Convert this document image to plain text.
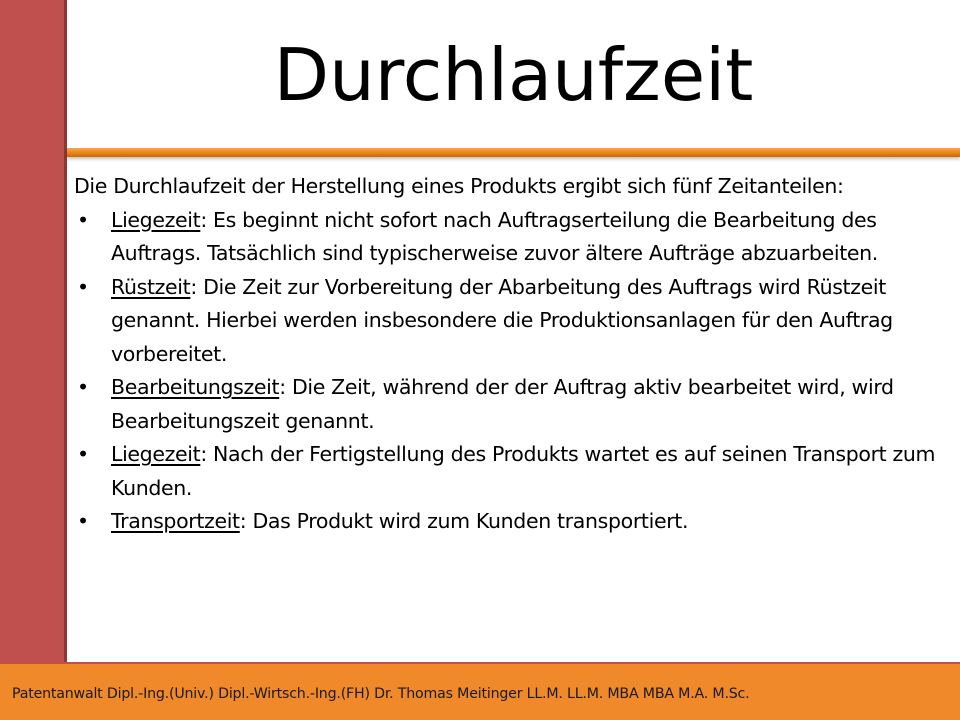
Durchlaufzeit

Die Durchlaufzeit der Herstellung eines Produkts ergibt sich fünf Zeitanteilen:

• Liegezeit: Es beginnt nicht sofort nach Auftragserteilung die Bearbeitung des Auftrags. Tatsächlich sind typischerweise zuvor ältere Aufträge abzuarbeiten.
• Rüstzeit: Die Zeit zur Vorbereitung der Abarbeitung des Auftrags wird Rüstzeit genannt. Hierbei werden insbesondere die Produktionsanlagen für den Auftrag vorbereitet.
• Bearbeitungszeit: Die Zeit, während der der Auftrag aktiv bearbeitet wird, wird Bearbeitungszeit genannt.
• Liegezeit: Nach der Fertigstellung des Produkts wartet es auf seinen Transport zum Kunden.
• Transportzeit: Das Produkt wird zum Kunden transportiert.
Patentanwalt Dipl.-Ing.(Univ.) Dipl.-Wirtsch.-Ing.(FH) Dr. Thomas Meitinger LL.M. LL.M. MBA MBA M.A. M.Sc.
